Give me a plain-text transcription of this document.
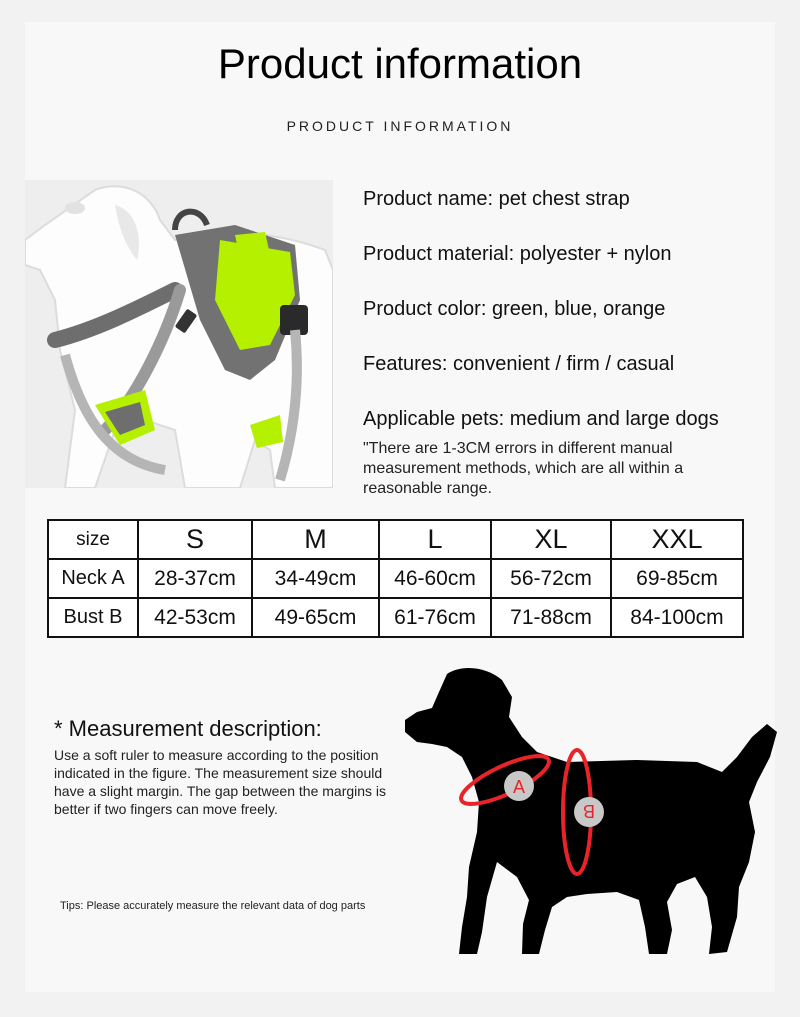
Product information
PRODUCT INFORMATION
Product name: pet chest strap
Product material: polyester + nylon
Product color: green, blue, orange
Features: convenient / firm / casual
Applicable pets: medium and large dogs
"There are 1-3CM errors in different manual measurement methods, which are all within a reasonable range.
size	S	M	L	XL	XXL
Neck A	28-37cm	34-49cm	46-60cm	56-72cm	69-85cm
Bust B	42-53cm	49-65cm	61-76cm	71-88cm	84-100cm
* Measurement description:
Use a soft ruler to measure according to the position indicated in the figure. The measurement size should have a slight margin. The gap between the margins is better if two fingers can move freely.
Tips: Please accurately measure the relevant data of dog parts
A
B
